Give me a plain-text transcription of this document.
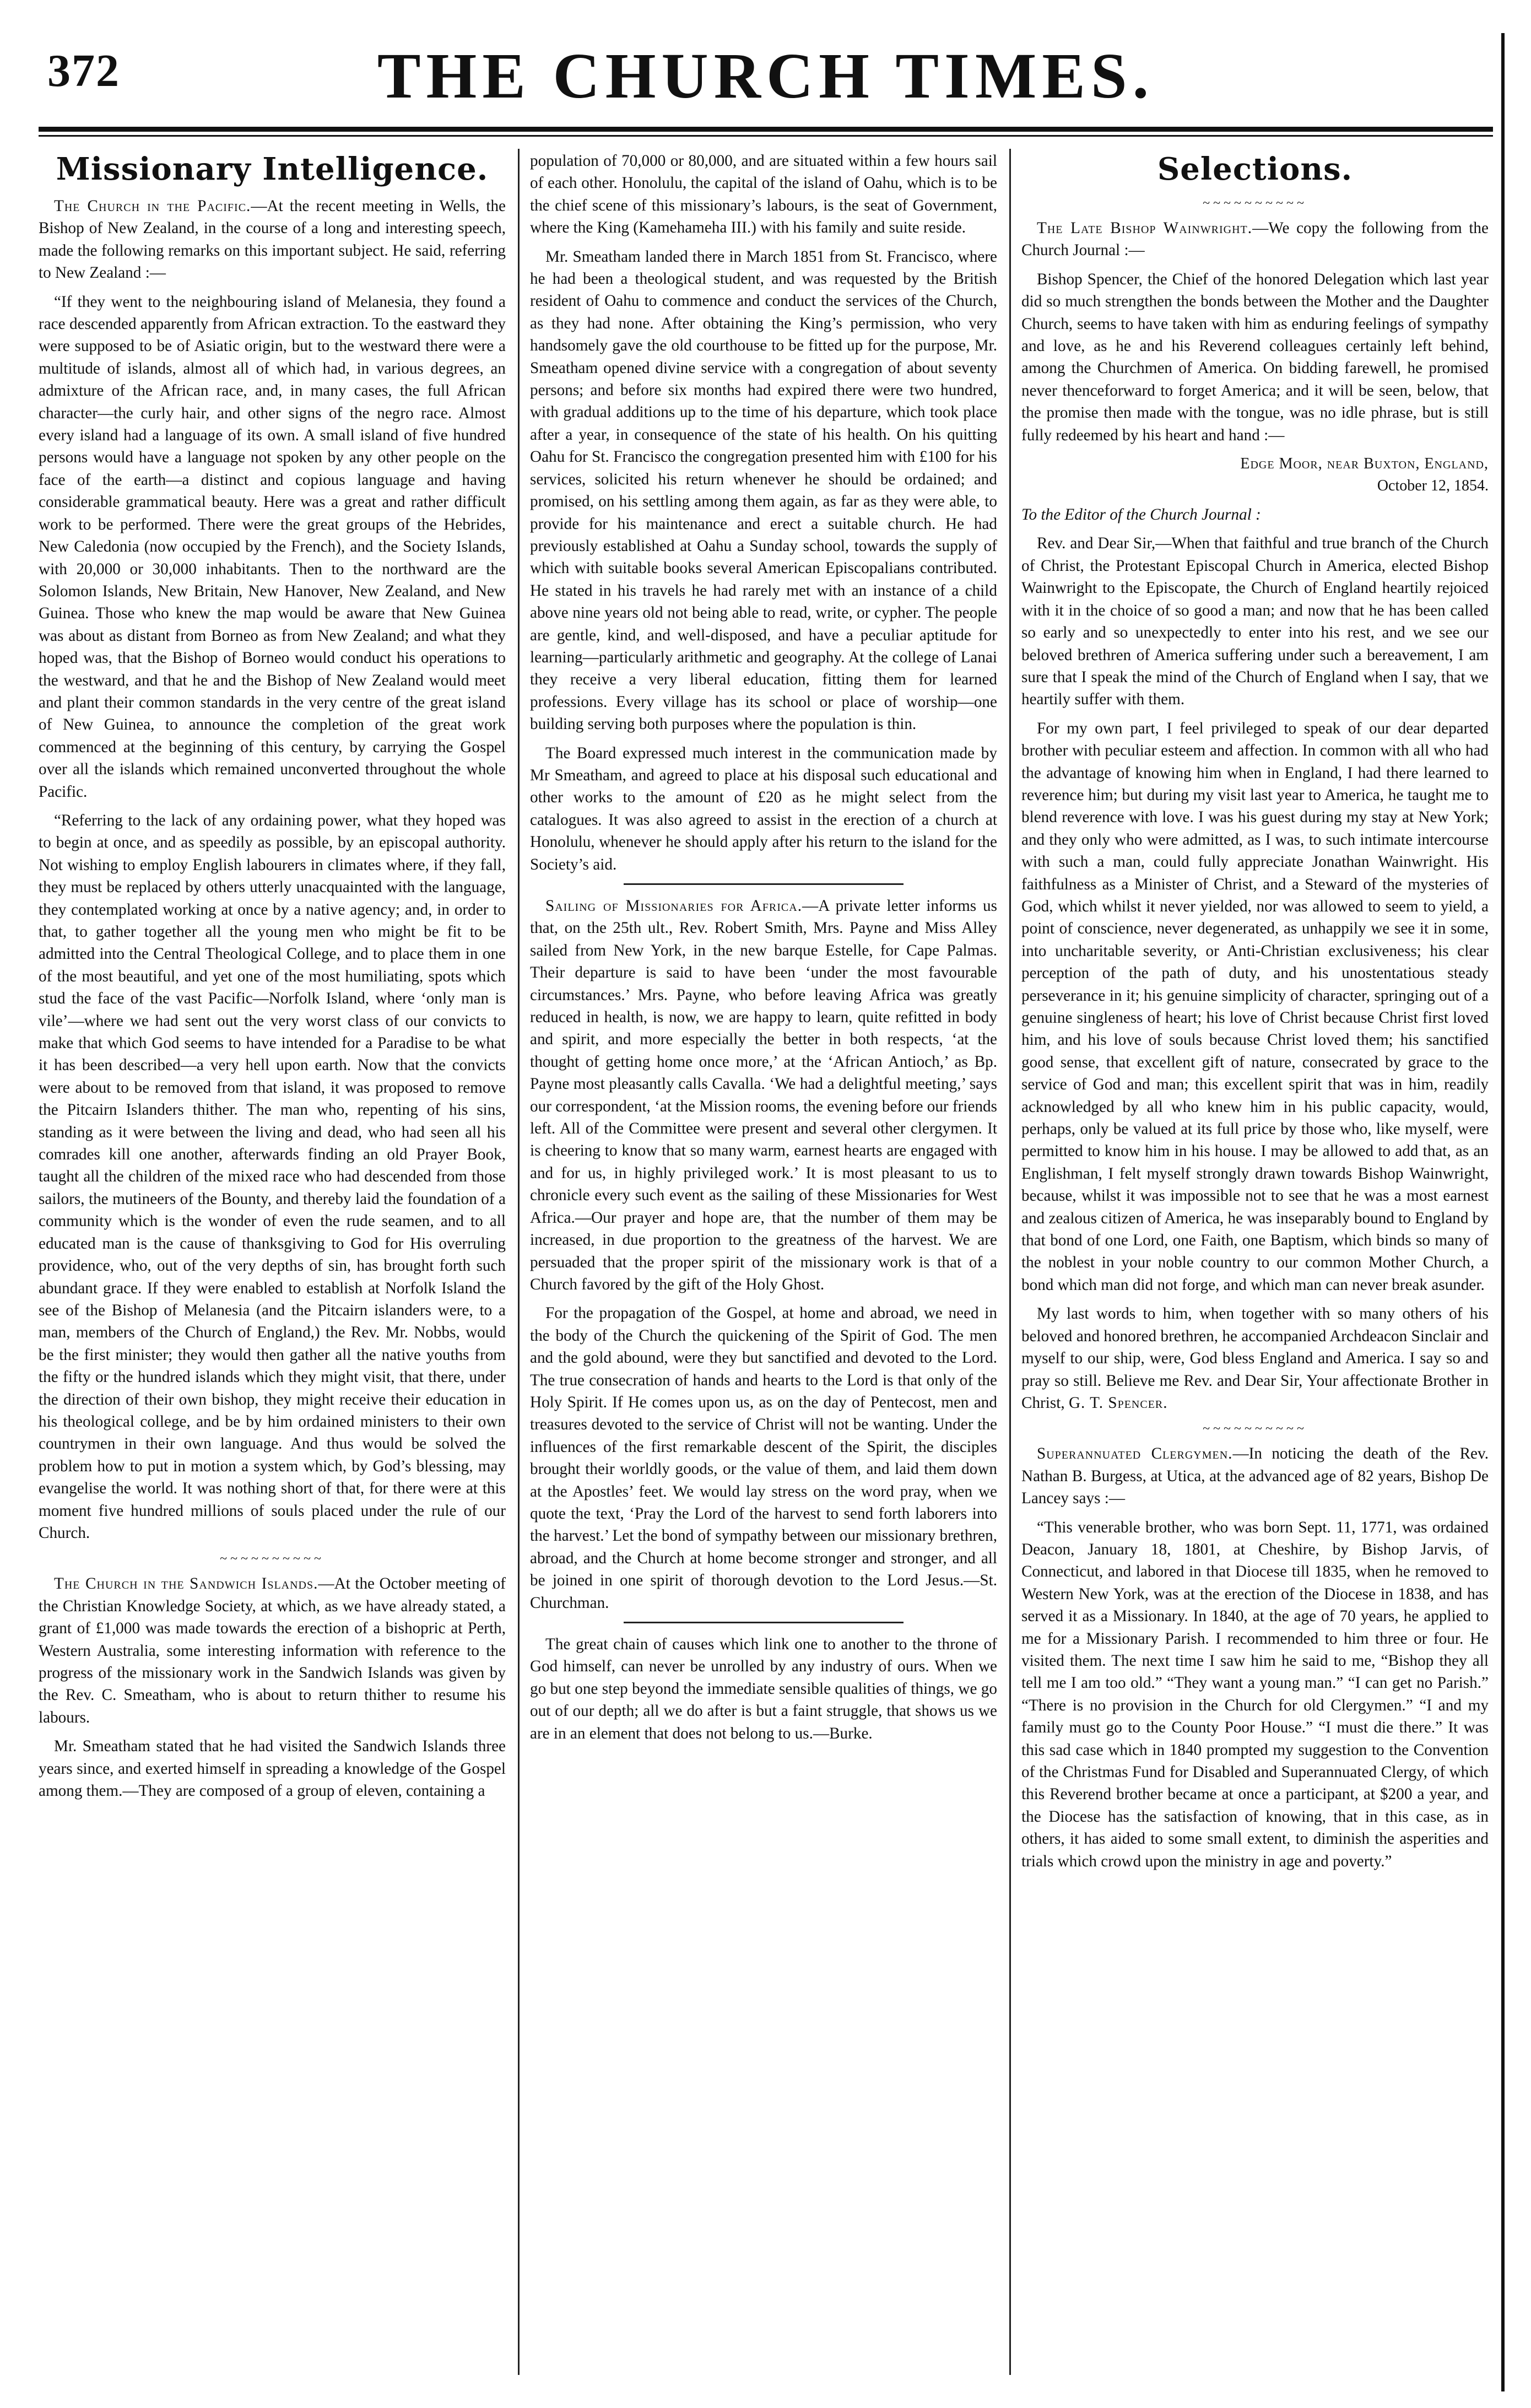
372	THE CHURCH TIMES.
Missionary Intelligence.

The Church in the Pacific.—At the recent meeting in Wells, the Bishop of New Zealand, in the course of a long and interesting speech, made the following remarks on this important subject. He said, referring to New Zealand :—

“If they went to the neighbouring island of Melanesia, they found a race descended apparently from African extraction. To the eastward they were supposed to be of Asiatic origin, but to the westward there were a multitude of islands, almost all of which had, in various degrees, an admixture of the African race, and, in many cases, the full African character—the curly hair, and other signs of the negro race. Almost every island had a language of its own. A small island of five hundred persons would have a language not spoken by any other people on the face of the earth—a distinct and copious language and having considerable grammatical beauty. Here was a great and rather difficult work to be performed. There were the great groups of the Hebrides, New Caledonia (now occupied by the French), and the Society Islands, with 20,000 or 30,000 inhabitants. Then to the northward are the Solomon Islands, New Britain, New Hanover, New Zealand, and New Guinea. Those who knew the map would be aware that New Guinea was about as distant from Borneo as from New Zealand; and what they hoped was, that the Bishop of Borneo would conduct his operations to the westward, and that he and the Bishop of New Zealand would meet and plant their common standards in the very centre of the great island of New Guinea, to announce the completion of the great work commenced at the beginning of this century, by carrying the Gospel over all the islands which remained unconverted throughout the whole Pacific.

“Referring to the lack of any ordaining power, what they hoped was to begin at once, and as speedily as possible, by an episcopal authority. Not wishing to employ English labourers in climates where, if they fall, they must be replaced by others utterly unacquainted with the language, they contemplated working at once by a native agency; and, in order to that, to gather together all the young men who might be fit to be admitted into the Central Theological College, and to place them in one of the most beautiful, and yet one of the most humiliating, spots which stud the face of the vast Pacific—Norfolk Island, where ‘only man is vile’—where we had sent out the very worst class of our convicts to make that which God seems to have intended for a Paradise to be what it has been described—a very hell upon earth. Now that the convicts were about to be removed from that island, it was proposed to remove the Pitcairn Islanders thither. The man who, repenting of his sins, standing as it were between the living and dead, who had seen all his comrades kill one another, afterwards finding an old Prayer Book, taught all the children of the mixed race who had descended from those sailors, the mutineers of the Bounty, and thereby laid the foundation of a community which is the wonder of even the rude seamen, and to all educated man is the cause of thanksgiving to God for His overruling providence, who, out of the very depths of sin, has brought forth such abundant grace. If they were enabled to establish at Norfolk Island the see of the Bishop of Melanesia (and the Pitcairn islanders were, to a man, members of the Church of England,) the Rev. Mr. Nobbs, would be the first minister; they would then gather all the native youths from the fifty or the hundred islands which they might visit, that there, under the direction of their own bishop, they might receive their education in his theological college, and be by him ordained ministers to their own countrymen in their own language. And thus would be solved the problem how to put in motion a system which, by God’s blessing, may evangelise the world. It was nothing short of that, for there were at this moment five hundred millions of souls placed under the rule of our Church.

~~~~~~~~~~

The Church in the Sandwich Islands.—At the October meeting of the Christian Knowledge Society, at which, as we have already stated, a grant of £1,000 was made towards the erection of a bishopric at Perth, Western Australia, some interesting information with reference to the progress of the missionary work in the Sandwich Islands was given by the Rev. C. Smeatham, who is about to return thither to resume his labours.

Mr. Smeatham stated that he had visited the Sandwich Islands three years since, and exerted himself in spreading a knowledge of the Gospel among them.—They are composed of a group of eleven, containing a

population of 70,000 or 80,000, and are situated within a few hours sail of each other. Honolulu, the capital of the island of Oahu, which is to be the chief scene of this missionary’s labours, is the seat of Government, where the King (Kamehameha III.) with his family and suite reside.

Mr. Smeatham landed there in March 1851 from St. Francisco, where he had been a theological student, and was requested by the British resident of Oahu to commence and conduct the services of the Church, as they had none. After obtaining the King’s permission, who very handsomely gave the old courthouse to be fitted up for the purpose, Mr. Smeatham opened divine service with a congregation of about seventy persons; and before six months had expired there were two hundred, with gradual additions up to the time of his departure, which took place after a year, in consequence of the state of his health. On his quitting Oahu for St. Francisco the congregation presented him with £100 for his services, solicited his return whenever he should be ordained; and promised, on his settling among them again, as far as they were able, to provide for his maintenance and erect a suitable church. He had previously established at Oahu a Sunday school, towards the supply of which with suitable books several American Episcopalians contributed. He stated in his travels he had rarely met with an instance of a child above nine years old not being able to read, write, or cypher. The people are gentle, kind, and well-disposed, and have a peculiar aptitude for learning—particularly arithmetic and geography. At the college of Lanai they receive a very liberal education, fitting them for learned professions. Every village has its school or place of worship—one building serving both purposes where the population is thin.

The Board expressed much interest in the communication made by Mr Smeatham, and agreed to place at his disposal such educational and other works to the amount of £20 as he might select from the catalogues. It was also agreed to assist in the erection of a church at Honolulu, whenever he should apply after his return to the island for the Society’s aid.

Sailing of Missionaries for Africa.—A private letter informs us that, on the 25th ult., Rev. Robert Smith, Mrs. Payne and Miss Alley sailed from New York, in the new barque Estelle, for Cape Palmas. Their departure is said to have been ‘under the most favourable circumstances.’ Mrs. Payne, who before leaving Africa was greatly reduced in health, is now, we are happy to learn, quite refitted in body and spirit, and more especially the better in both respects, ‘at the thought of getting home once more,’ at the ‘African Antioch,’ as Bp. Payne most pleasantly calls Cavalla. ‘We had a delightful meeting,’ says our correspondent, ‘at the Mission rooms, the evening before our friends left. All of the Committee were present and several other clergymen. It is cheering to know that so many warm, earnest hearts are engaged with and for us, in highly privileged work.’ It is most pleasant to us to chronicle every such event as the sailing of these Missionaries for West Africa.—Our prayer and hope are, that the number of them may be increased, in due proportion to the greatness of the harvest. We are persuaded that the proper spirit of the missionary work is that of a Church favored by the gift of the Holy Ghost.

For the propagation of the Gospel, at home and abroad, we need in the body of the Church the quickening of the Spirit of God. The men and the gold abound, were they but sanctified and devoted to the Lord. The true consecration of hands and hearts to the Lord is that only of the Holy Spirit. If He comes upon us, as on the day of Pentecost, men and treasures devoted to the service of Christ will not be wanting. Under the influences of the first remarkable descent of the Spirit, the disciples brought their worldly goods, or the value of them, and laid them down at the Apostles’ feet. We would lay stress on the word pray, when we quote the text, ‘Pray the Lord of the harvest to send forth laborers into the harvest.’ Let the bond of sympathy between our missionary brethren, abroad, and the Church at home become stronger and stronger, and all be joined in one spirit of thorough devotion to the Lord Jesus.—St. Churchman.

The great chain of causes which link one to another to the throne of God himself, can never be unrolled by any industry of ours. When we go but one step beyond the immediate sensible qualities of things, we go out of our depth; all we do after is but a faint struggle, that shows us we are in an element that does not belong to us.—Burke.

Selections.
~~~~~~~~~~

The Late Bishop Wainwright.—We copy the following from the Church Journal :—

Bishop Spencer, the Chief of the honored Delegation which last year did so much strengthen the bonds between the Mother and the Daughter Church, seems to have taken with him as enduring feelings of sympathy and love, as he and his Reverend colleagues certainly left behind, among the Churchmen of America. On bidding farewell, he promised never thenceforward to forget America; and it will be seen, below, that the promise then made with the tongue, was no idle phrase, but is still fully redeemed by his heart and hand :—

Edge Moor, near Buxton, England,
October 12, 1854.

To the Editor of the Church Journal :

Rev. and Dear Sir,—When that faithful and true branch of the Church of Christ, the Protestant Episcopal Church in America, elected Bishop Wainwright to the Episcopate, the Church of England heartily rejoiced with it in the choice of so good a man; and now that he has been called so early and so unexpectedly to enter into his rest, and we see our beloved brethren of America suffering under such a bereavement, I am sure that I speak the mind of the Church of England when I say, that we heartily suffer with them.

For my own part, I feel privileged to speak of our dear departed brother with peculiar esteem and affection. In common with all who had the advantage of knowing him when in England, I had there learned to reverence him; but during my visit last year to America, he taught me to blend reverence with love. I was his guest during my stay at New York; and they only who were admitted, as I was, to such intimate intercourse with such a man, could fully appreciate Jonathan Wainwright. His faithfulness as a Minister of Christ, and a Steward of the mysteries of God, which whilst it never yielded, nor was allowed to seem to yield, a point of conscience, never degenerated, as unhappily we see it in some, into uncharitable severity, or Anti-Christian exclusiveness; his clear perception of the path of duty, and his unostentatious steady perseverance in it; his genuine simplicity of character, springing out of a genuine singleness of heart; his love of Christ because Christ first loved him, and his love of souls because Christ loved them; his sanctified good sense, that excellent gift of nature, consecrated by grace to the service of God and man; this excellent spirit that was in him, readily acknowledged by all who knew him in his public capacity, would, perhaps, only be valued at its full price by those who, like myself, were permitted to know him in his house. I may be allowed to add that, as an Englishman, I felt myself strongly drawn towards Bishop Wainwright, because, whilst it was impossible not to see that he was a most earnest and zealous citizen of America, he was inseparably bound to England by that bond of one Lord, one Faith, one Baptism, which binds so many of the noblest in your noble country to our common Mother Church, a bond which man did not forge, and which man can never break asunder.

My last words to him, when together with so many others of his beloved and honored brethren, he accompanied Archdeacon Sinclair and myself to our ship, were, God bless England and America. I say so and pray so still. Believe me Rev. and Dear Sir, Your affectionate Brother in Christ, G. T. Spencer.

~~~~~~~~~~

Superannuated Clergymen.—In noticing the death of the Rev. Nathan B. Burgess, at Utica, at the advanced age of 82 years, Bishop De Lancey says :—

“This venerable brother, who was born Sept. 11, 1771, was ordained Deacon, January 18, 1801, at Cheshire, by Bishop Jarvis, of Connecticut, and labored in that Diocese till 1835, when he removed to Western New York, was at the erection of the Diocese in 1838, and has served it as a Missionary. In 1840, at the age of 70 years, he applied to me for a Missionary Parish. I recommended to him three or four. He visited them. The next time I saw him he said to me, “Bishop they all tell me I am too old.” “They want a young man.” “I can get no Parish.” “There is no provision in the Church for old Clergymen.” “I and my family must go to the County Poor House.” “I must die there.” It was this sad case which in 1840 prompted my suggestion to the Convention of the Christmas Fund for Disabled and Superannuated Clergy, of which this Reverend brother became at once a participant, at $200 a year, and the Diocese has the satisfaction of knowing, that in this case, as in others, it has aided to some small extent, to diminish the asperities and trials which crowd upon the ministry in age and poverty.”
